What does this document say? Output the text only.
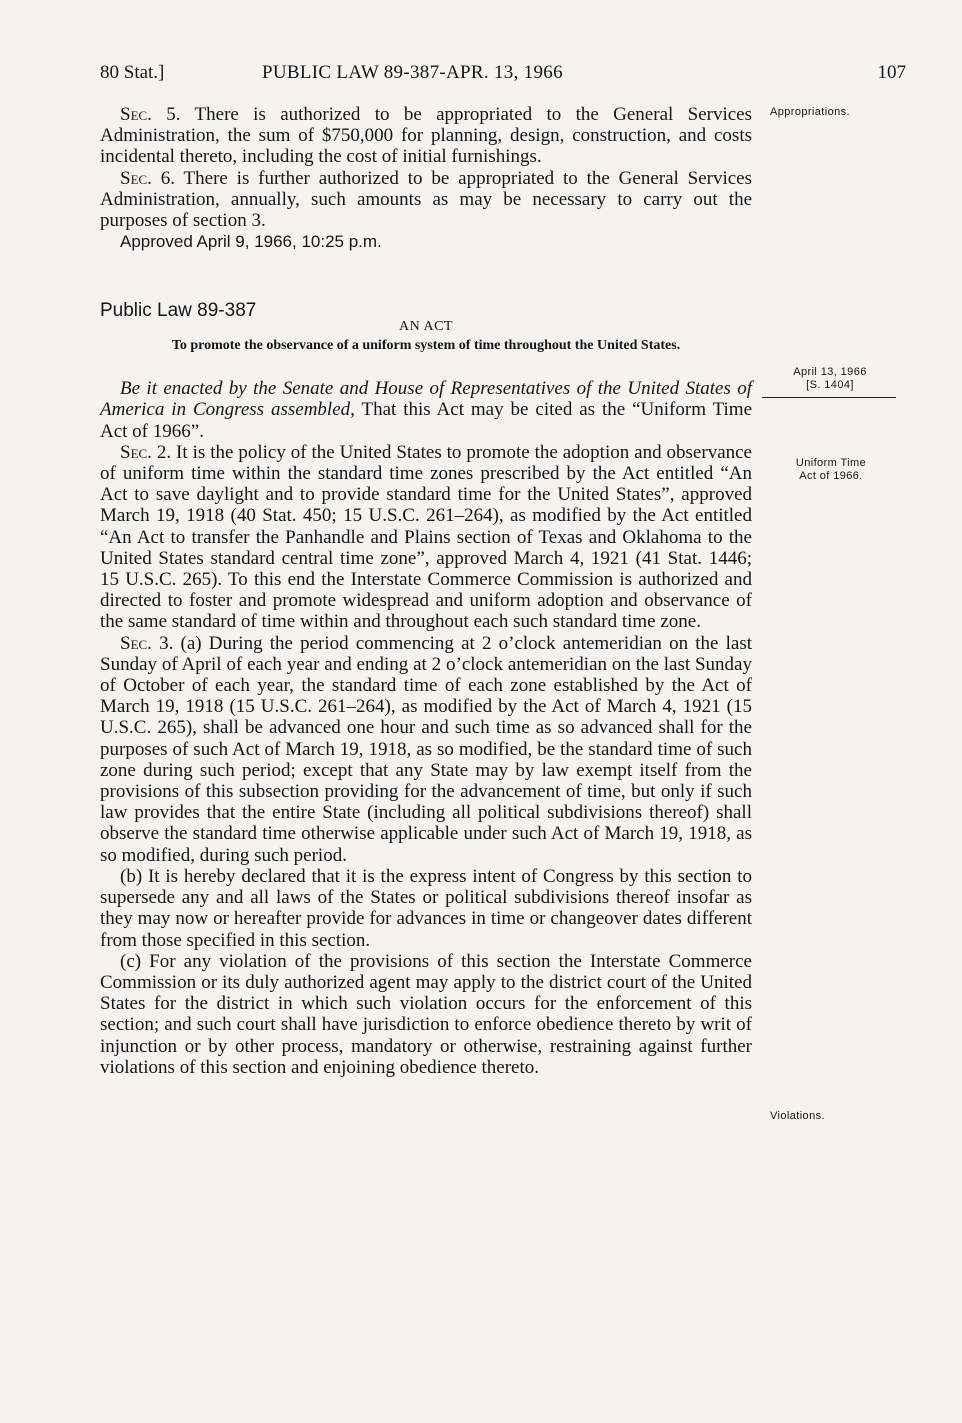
80 Stat.]	PUBLIC LAW 89-387-APR. 13, 1966	107
Appropriations.
April 13, 1966
[S. 1404]
Uniform Time
Act of 1966.
Violations.

Sec. 5. There is authorized to be appropriated to the General Services Administration, the sum of $750,000 for planning, design, construction, and costs incidental thereto, including the cost of initial furnishings.

Sec. 6. There is further authorized to be appropriated to the General Services Administration, annually, such amounts as may be necessary to carry out the purposes of section 3.

Approved April 9, 1966, 10:25 p.m.

Public Law 89-387

AN ACT

To promote the observance of a uniform system of time throughout the United States.

Be it enacted by the Senate and House of Representatives of the United States of America in Congress assembled, That this Act may be cited as the “Uniform Time Act of 1966”.

Sec. 2. It is the policy of the United States to promote the adoption and observance of uniform time within the standard time zones prescribed by the Act entitled “An Act to save daylight and to provide standard time for the United States”, approved March 19, 1918 (40 Stat. 450; 15 U.S.C. 261–264), as modified by the Act entitled “An Act to transfer the Panhandle and Plains section of Texas and Oklahoma to the United States standard central time zone”, approved March 4, 1921 (41 Stat. 1446; 15 U.S.C. 265). To this end the Interstate Commerce Commission is authorized and directed to foster and promote widespread and uniform adoption and observance of the same standard of time within and throughout each such standard time zone.

Sec. 3. (a) During the period commencing at 2 o’clock antemeridian on the last Sunday of April of each year and ending at 2 o’clock antemeridian on the last Sunday of October of each year, the standard time of each zone established by the Act of March 19, 1918 (15 U.S.C. 261–264), as modified by the Act of March 4, 1921 (15 U.S.C. 265), shall be advanced one hour and such time as so advanced shall for the purposes of such Act of March 19, 1918, as so modified, be the standard time of such zone during such period; except that any State may by law exempt itself from the provisions of this subsection providing for the advancement of time, but only if such law provides that the entire State (including all political subdivisions thereof) shall observe the standard time otherwise applicable under such Act of March 19, 1918, as so modified, during such period.

(b) It is hereby declared that it is the express intent of Congress by this section to supersede any and all laws of the States or political subdivisions thereof insofar as they may now or hereafter provide for advances in time or changeover dates different from those specified in this section.

(c) For any violation of the provisions of this section the Interstate Commerce Commission or its duly authorized agent may apply to the district court of the United States for the district in which such violation occurs for the enforcement of this section; and such court shall have jurisdiction to enforce obedience thereto by writ of injunction or by other process, mandatory or otherwise, restraining against further violations of this section and enjoining obedience thereto.
